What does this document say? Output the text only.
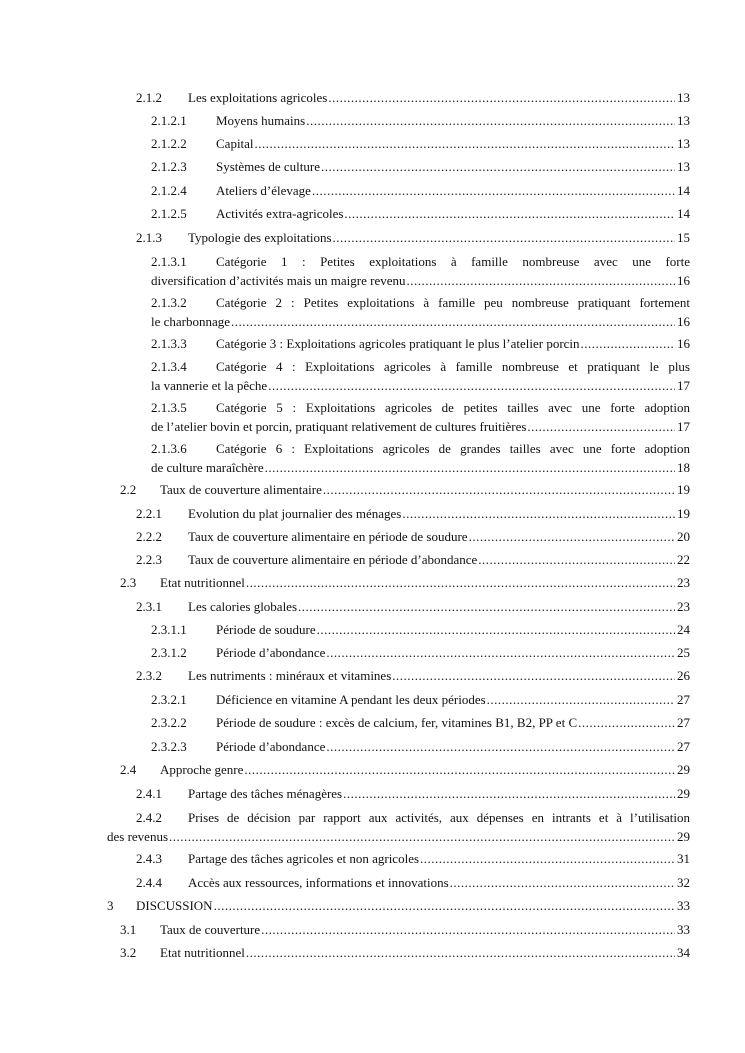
2.1.2	Les exploitations agricoles .....	13
2.1.2.1	Moyens humains .....	13
2.1.2.2	Capital .....	13
2.1.2.3	Systèmes de culture .....	13
2.1.2.4	Ateliers d’élevage .....	14
2.1.2.5	Activités extra-agricoles .....	14
2.1.3	Typologie des exploitations .....	15
2.1.3.1	Catégorie 1 : Petites exploitations à famille nombreuse avec une forte
diversification d’activités mais un maigre revenu .....	16
2.1.3.2	Catégorie 2 : Petites exploitations à famille peu nombreuse pratiquant fortement
le charbonnage .....	16
2.1.3.3	Catégorie 3 : Exploitations agricoles pratiquant le plus l’atelier porcin .....	16
2.1.3.4	Catégorie 4 : Exploitations agricoles à famille nombreuse et pratiquant le plus
la vannerie et la pêche .....	17
2.1.3.5	Catégorie 5 : Exploitations agricoles de petites tailles avec une forte adoption
de l’atelier bovin et porcin, pratiquant relativement de cultures fruitières .....	17
2.1.3.6	Catégorie 6 : Exploitations agricoles de grandes tailles avec une forte adoption
de culture maraîchère .....	18
2.2	Taux de couverture alimentaire .....	19
2.2.1	Evolution du plat journalier des ménages .....	19
2.2.2	Taux de couverture alimentaire en période de soudure .....	20
2.2.3	Taux de couverture alimentaire en période d’abondance .....	22
2.3	Etat nutritionnel .....	23
2.3.1	Les calories globales .....	23
2.3.1.1	Période de soudure .....	24
2.3.1.2	Période d’abondance .....	25
2.3.2	Les nutriments : minéraux et vitamines .....	26
2.3.2.1	Déficience en vitamine A pendant les deux périodes .....	27
2.3.2.2	Période de soudure : excès de calcium, fer, vitamines B1, B2, PP et C .....	27
2.3.2.3	Période d’abondance .....	27
2.4	Approche genre .....	29
2.4.1	Partage des tâches ménagères .....	29
2.4.2	Prises de décision par rapport aux activités, aux dépenses en intrants et à l’utilisation
des revenus .....	29
2.4.3	Partage des tâches agricoles et non agricoles .....	31
2.4.4	Accès aux ressources, informations et innovations .....	32
3	DISCUSSION .....	33
3.1	Taux de couverture .....	33
3.2	Etat nutritionnel .....	34
